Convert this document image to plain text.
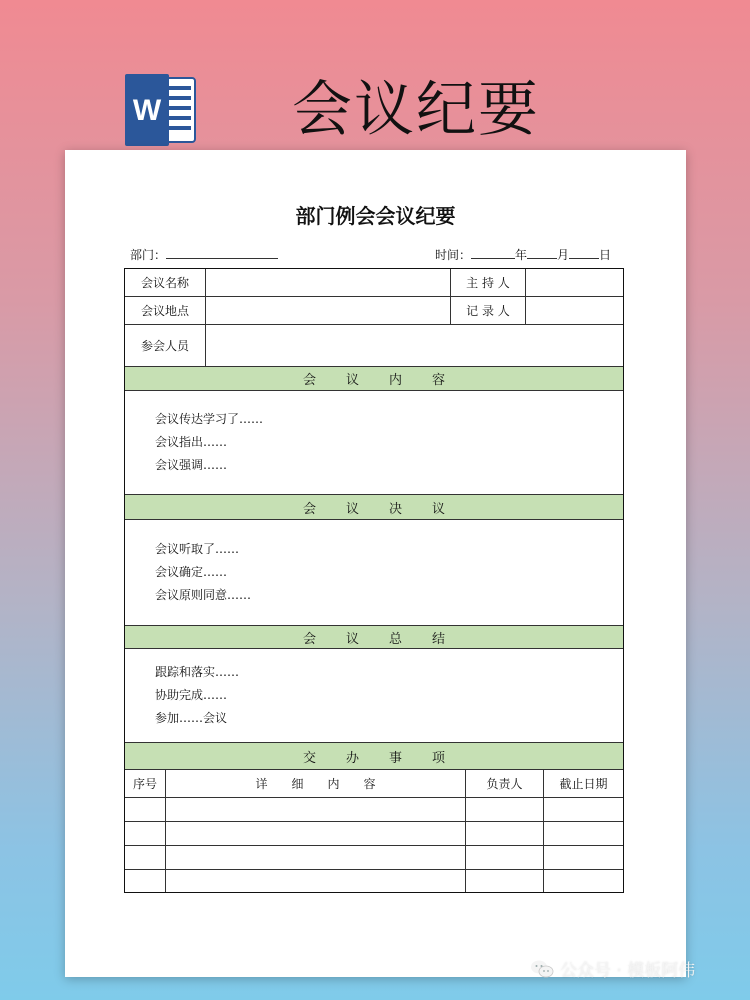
W 会议纪要
部门例会会议纪要
部门：	时间：	年	月	日
会议名称	主 持 人
会议地点	记 录 人
参会人员
会议内容
会议传达学习了……
会议指出……
会议强调……
会议决议
会议听取了……
会议确定……
会议原则同意……
会议总结
跟踪和落实……
协助完成……
参加……会议
交办事项
序号	详细内容	负责人	截止日期
公众号 · 模板阿伟
